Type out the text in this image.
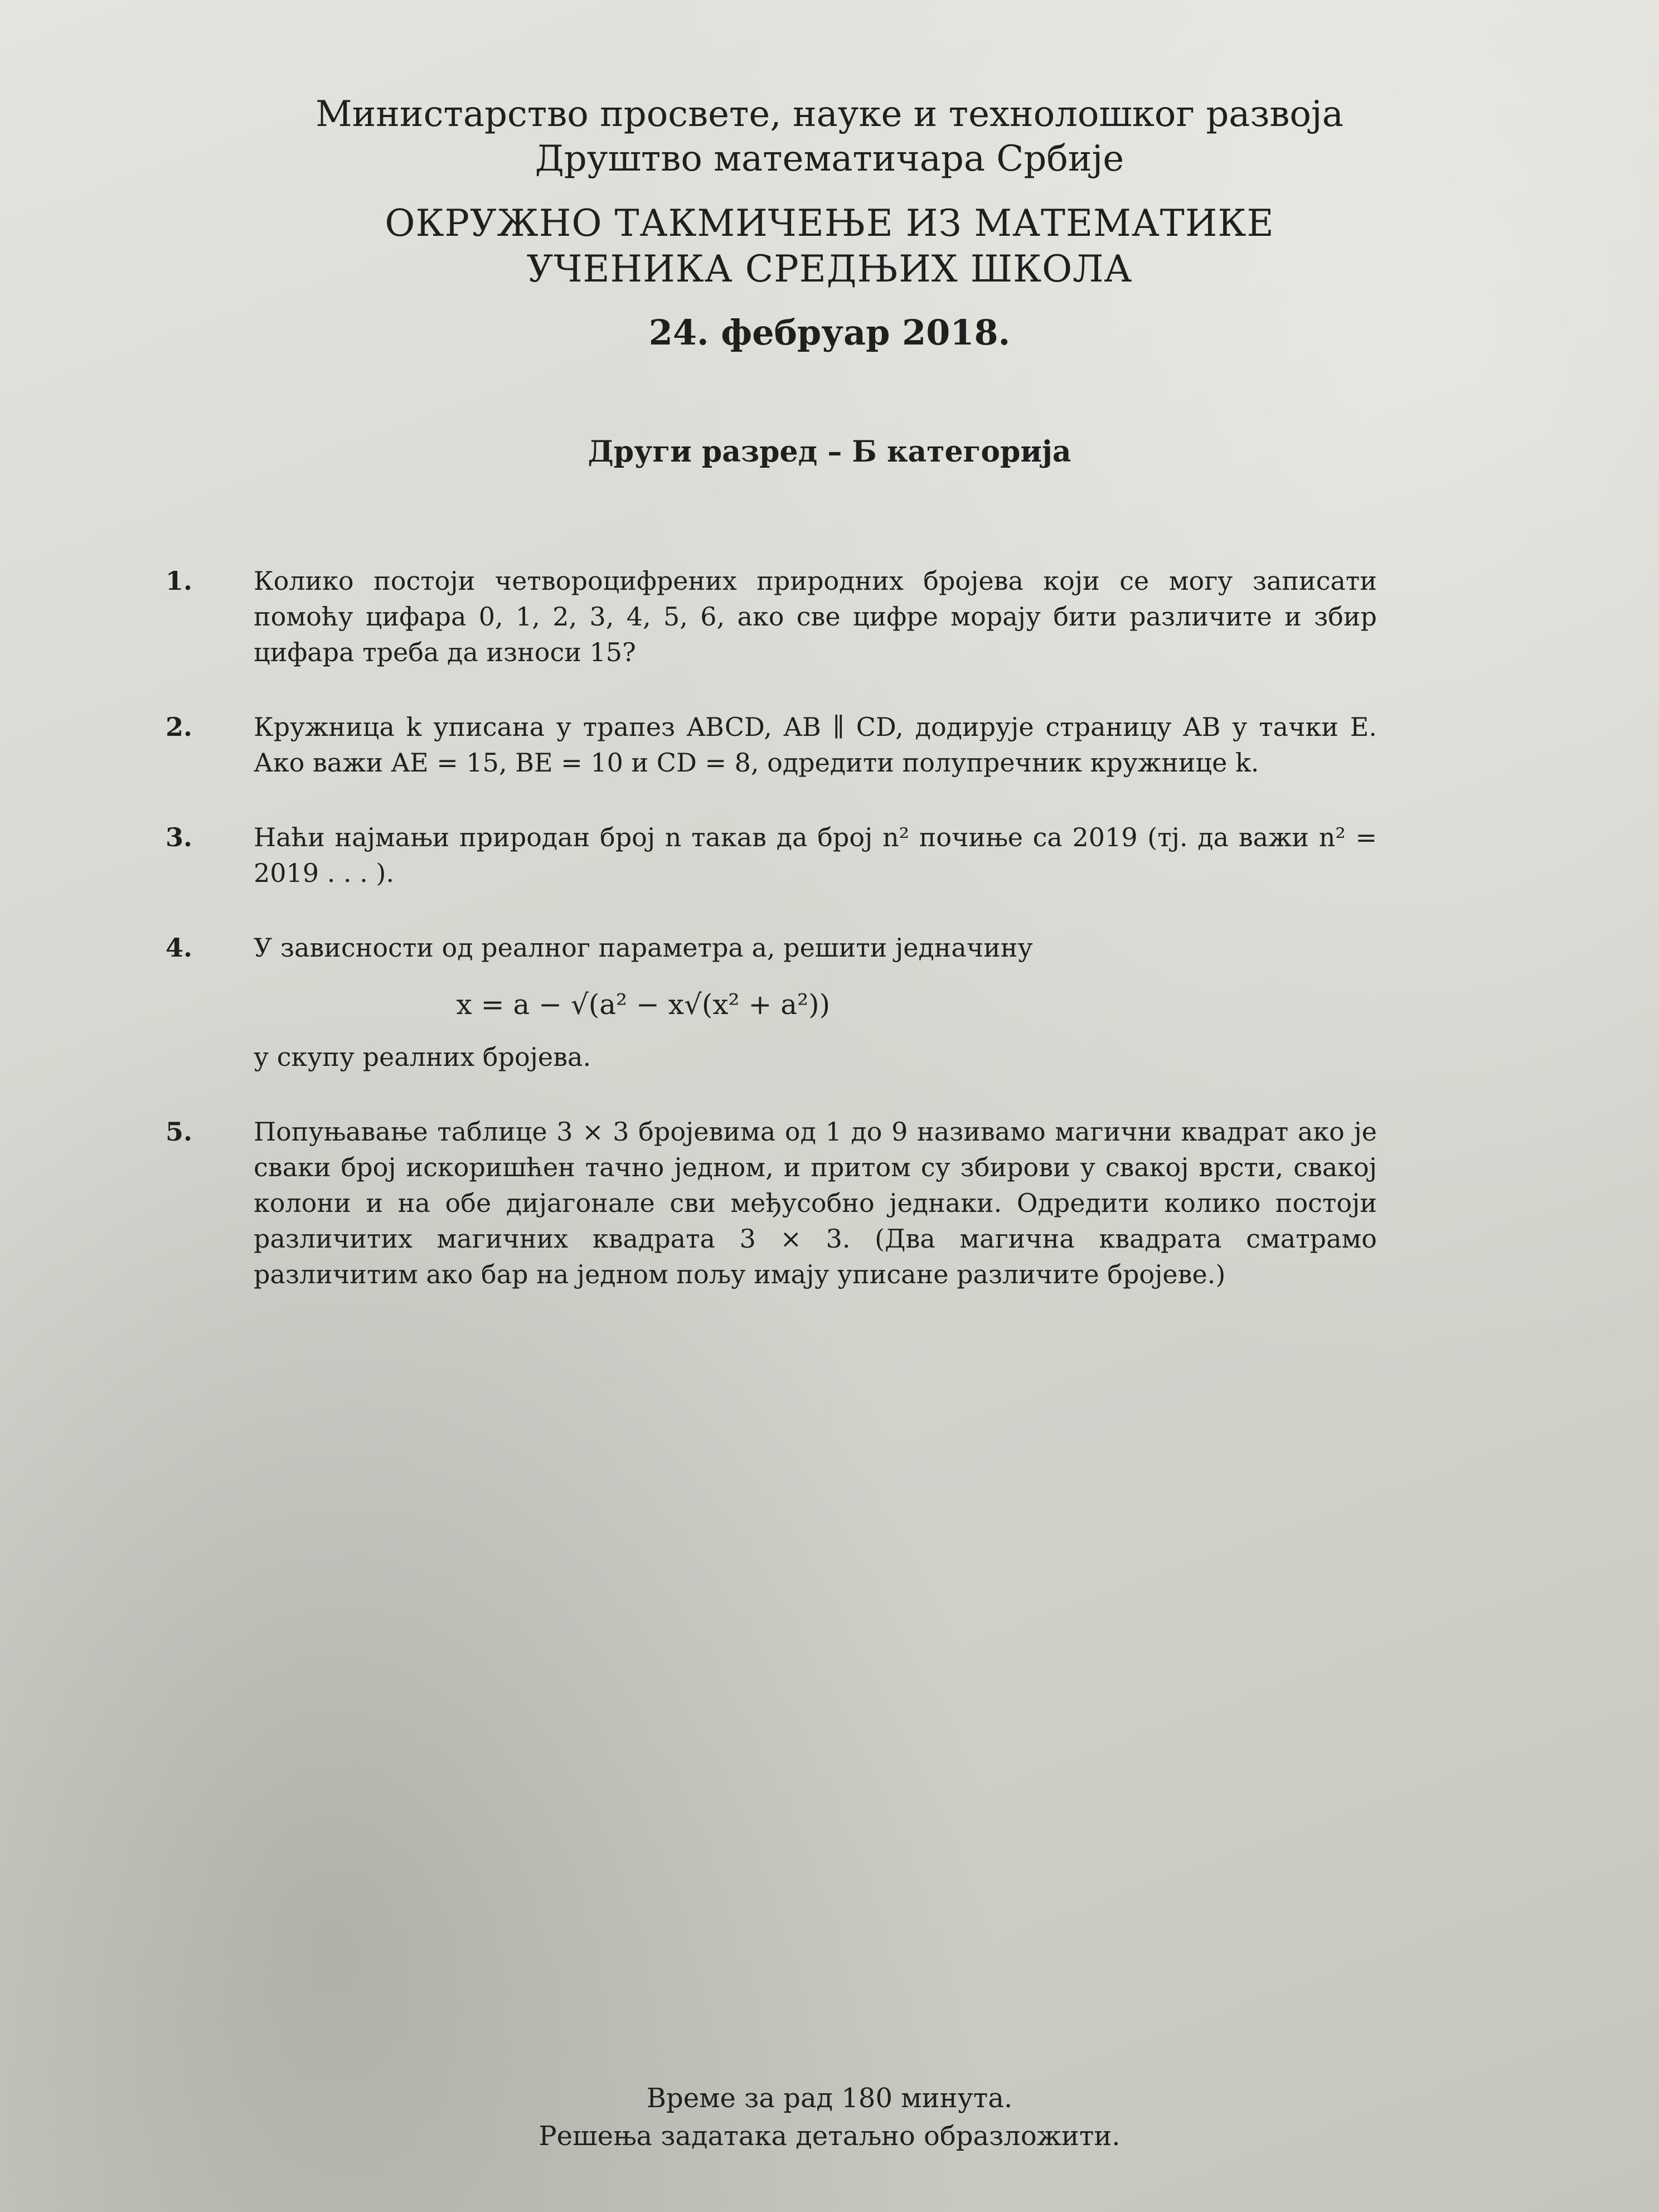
Министарство просвете, науке и технолошког развоја
Друштво математичара Србије
ОКРУЖНО ТАКМИЧЕЊЕ ИЗ МАТЕМАТИКЕ
УЧЕНИКА СРЕДЊИХ ШКОЛА
24. фебруар 2018.
Други разред – Б категорија
1.	Колико постоји четвороцифрених природних бројева који се могу записати помоћу цифара 0, 1, 2, 3, 4, 5, 6, ако све цифре морају бити различите и збир цифара треба да износи 15?
2.	Кружница k уписана у трапез ABCD, AB ∥ CD, додирује страницу AB у тачки E. Ако важи AE = 15, BE = 10 и CD = 8, одредити полупречник кружнице k.
3.	Наћи најмањи природан број n такав да број n² почиње са 2019 (тј. да важи n² = 2019 . . . ).
4. У зависности од реалног параметра a, решити једначину
x = a − √(a² − x√(x² + a²))
у скупу реалних бројева.
5.	Попуњавање таблице 3 × 3 бројевима од 1 до 9 називамо магични квадрат ако је сваки број искоришћен тачно једном, и притом су збирови у свакој врсти, свакој колони и на обе дијагонале сви међусобно једнаки. Одредити колико постоји различитих магичних квадрата 3 × 3. (Два магична квадрата сматрамо различитим ако бар на једном пољу имају уписане различите бројеве.)
Време за рад 180 минута.
Решења задатака детаљно образложити.
